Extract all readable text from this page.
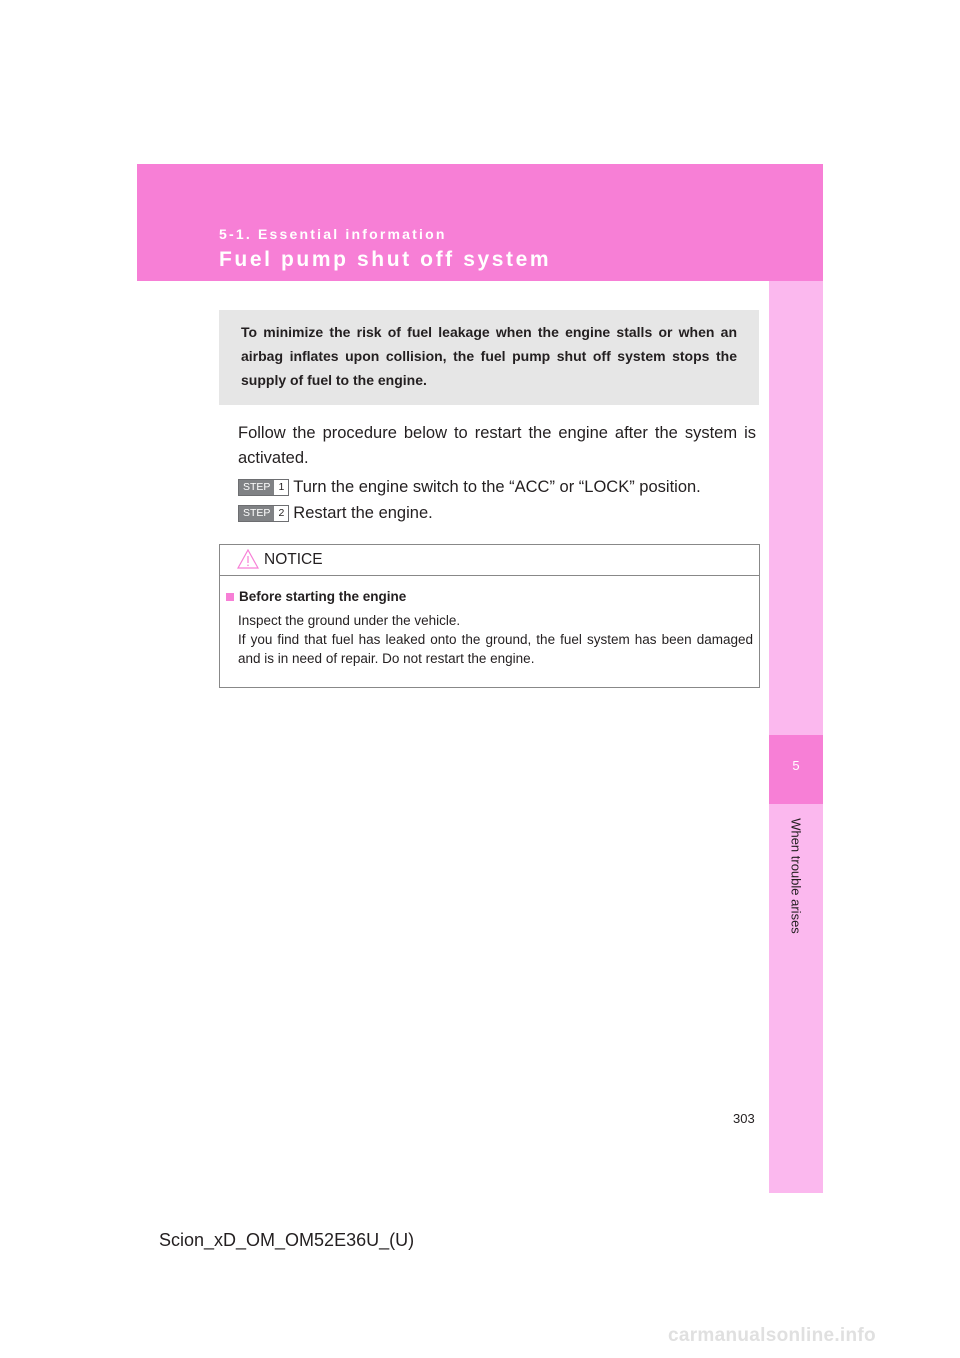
5-1. Essential information
Fuel pump shut off system
5
When trouble arises

To minimize the risk of fuel leakage when the engine stalls or when an airbag inflates upon collision, the fuel pump shut off system stops the supply of fuel to the engine.

Follow the procedure below to restart the engine after the system is activated.

STEP 1 Turn the engine switch to the “ACC” or “LOCK” position.
STEP 2 Restart the engine.
NOTICE

Before starting the engine

Inspect the ground under the vehicle.
If you find that fuel has leaked onto the ground, the fuel system has been damaged and is in need of repair. Do not restart the engine.

303
Scion_xD_OM_OM52E36U_(U)
carmanualsonline.info
